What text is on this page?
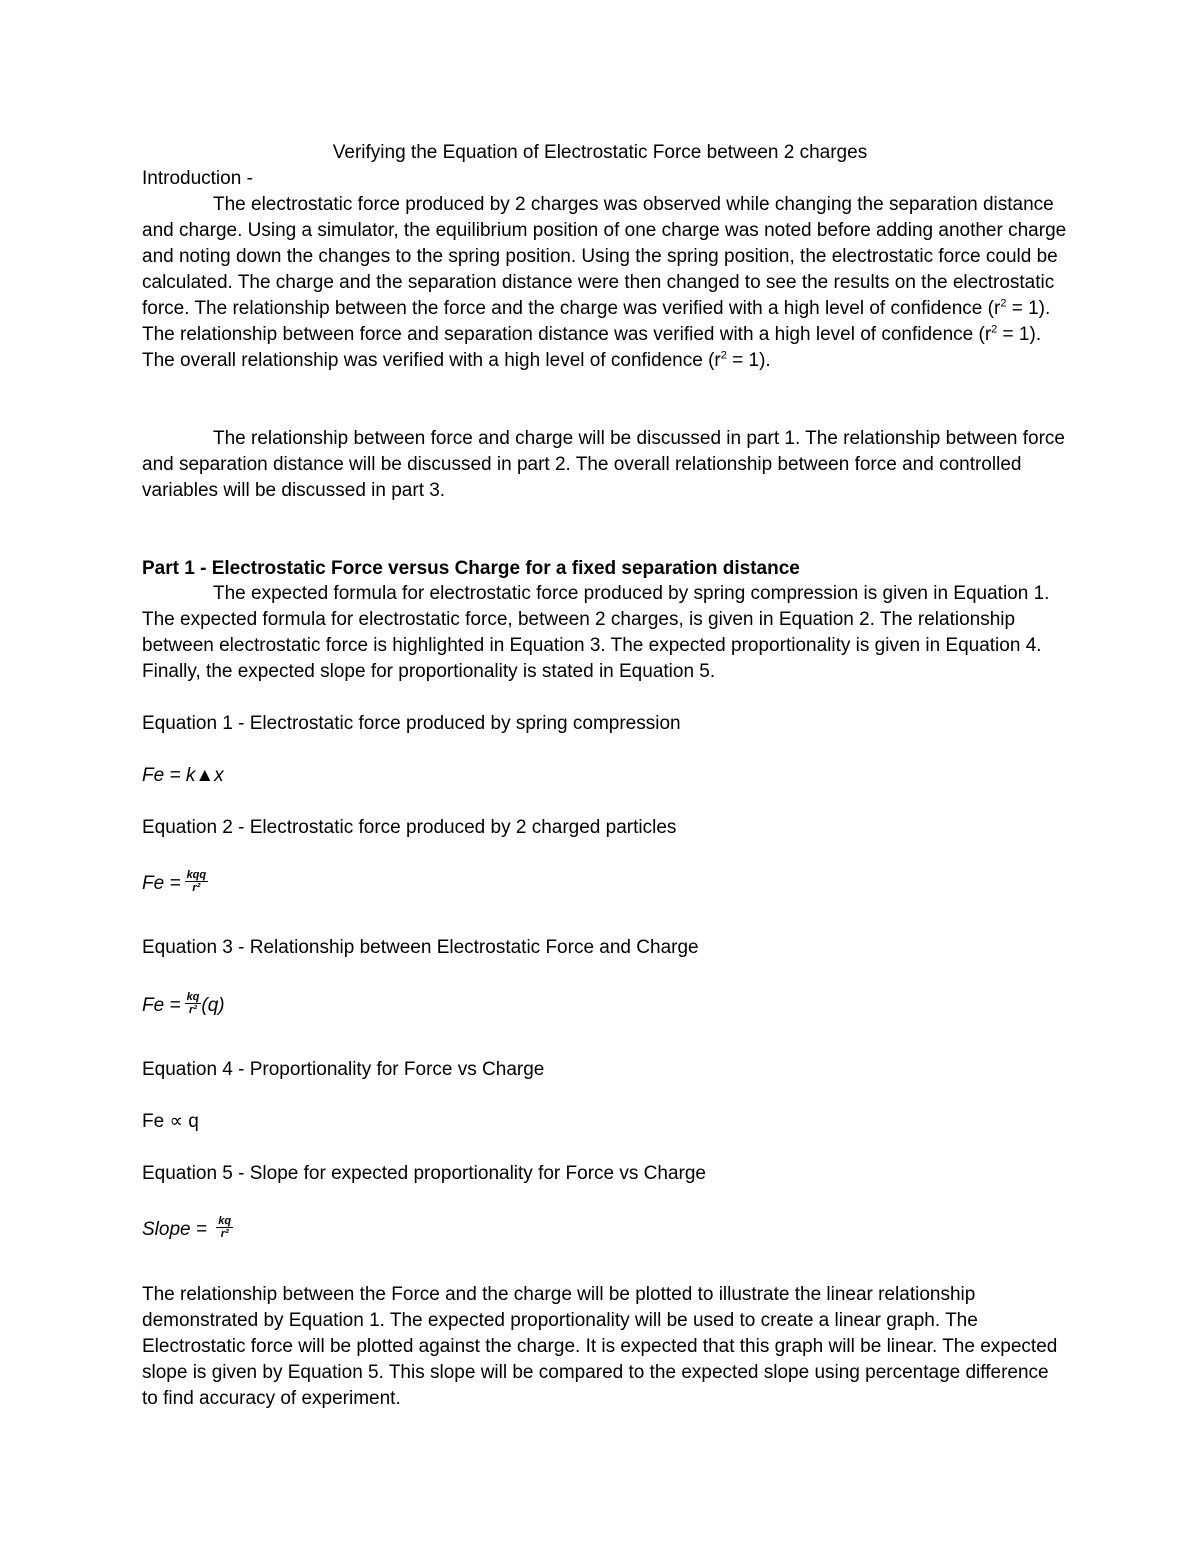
Verifying the Equation of Electrostatic Force between 2 charges

Introduction -

The electrostatic force produced by 2 charges was observed while changing the separation distance and charge. Using a simulator, the equilibrium position of one charge was noted before adding another charge and noting down the changes to the spring position. Using the spring position, the electrostatic force could be calculated. The charge and the separation distance were then changed to see the results on the electrostatic force. The relationship between the force and the charge was verified with a high level of confidence $(r^2 = 1)$. The relationship between force and separation distance was verified with a high level of confidence $(r^2 = 1)$. The overall relationship was verified with a high level of confidence $(r^2 = 1)$.

The relationship between force and charge will be discussed in part 1. The relationship between force and separation distance will be discussed in part 2. The overall relationship between force and controlled variables will be discussed in part 3.

Part 1 - Electrostatic Force versus Charge for a fixed separation distance

The expected formula for electrostatic force produced by spring compression is given in Equation 1. The expected formula for electrostatic force, between 2 charges, is given in Equation 2. The relationship between electrostatic force is highlighted in Equation 3. The expected proportionality is given in Equation 4. Finally, the expected slope for proportionality is stated in Equation 5.

Equation 1 - Electrostatic force produced by spring compression

Fe = k▲x

Equation 2 - Electrostatic force produced by 2 charged particles

$Fe = \frac{\text{kqq}}{\text{r²}}$

Equation 3 - Relationship between Electrostatic Force and Charge

$Fe = \frac{kq}{\text{r²}} (q)$

Equation 4 - Proportionality for Force vs Charge

Fe ∝ q

Equation 5 - Slope for expected proportionality for Force vs Charge

Slope = $\frac{kq}{\text{r²}}$

The relationship between the Force and the charge will be plotted to illustrate the linear relationship demonstrated by Equation 1. The expected proportionality will be used to create a linear graph. The Electrostatic force will be plotted against the charge. It is expected that this graph will be linear. The expected slope is given by Equation 5. This slope will be compared to the expected slope using percentage difference to find accuracy of experiment.
